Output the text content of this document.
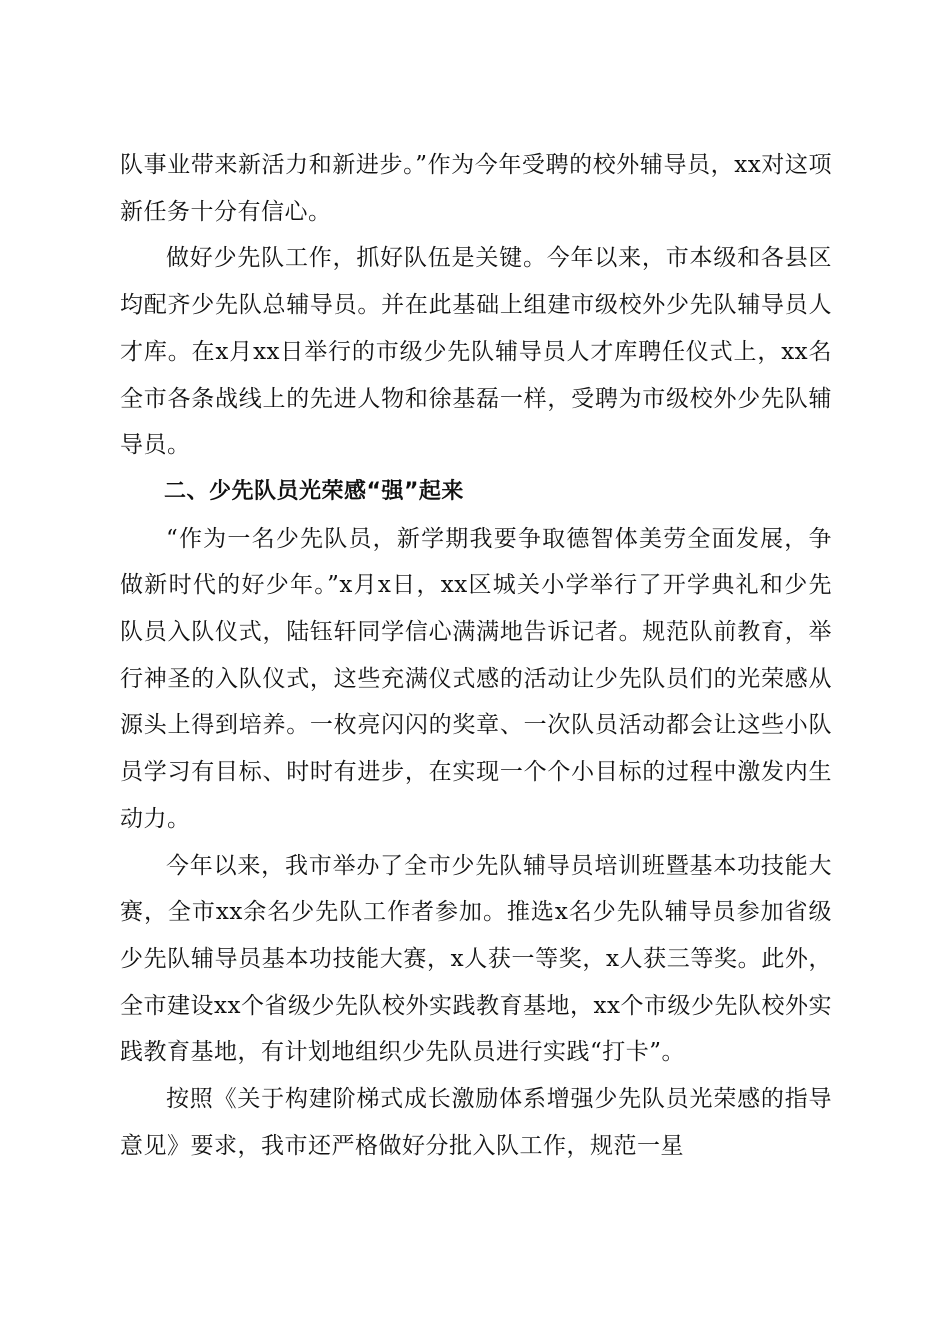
队事业带来新活力和新进步。”作为今年受聘的校外辅导员，xx对这项新任务十分有信心。

做好少先队工作，抓好队伍是关键。今年以来，市本级和各县区均配齐少先队总辅导员。并在此基础上组建市级校外少先队辅导员人才库。在x月xx日举行的市级少先队辅导员人才库聘任仪式上，xx名全市各条战线上的先进人物和徐基磊一样，受聘为市级校外少先队辅导员。

二、少先队员光荣感“强”起来

“作为一名少先队员，新学期我要争取德智体美劳全面发展，争做新时代的好少年。”x月x日，xx区城关小学举行了开学典礼和少先队员入队仪式，陆钰轩同学信心满满地告诉记者。规范队前教育，举行神圣的入队仪式，这些充满仪式感的活动让少先队员们的光荣感从源头上得到培养。一枚亮闪闪的奖章、一次队员活动都会让这些小队员学习有目标、时时有进步，在实现一个个小目标的过程中激发内生动力。

今年以来，我市举办了全市少先队辅导员培训班暨基本功技能大赛，全市xx余名少先队工作者参加。推选x名少先队辅导员参加省级少先队辅导员基本功技能大赛，x人获一等奖，x人获三等奖。此外，全市建设xx个省级少先队校外实践教育基地，xx个市级少先队校外实践教育基地，有计划地组织少先队员进行实践“打卡”。

按照《关于构建阶梯式成长激励体系增强少先队员光荣感的指导意见》要求，我市还严格做好分批入队工作，规范一星
